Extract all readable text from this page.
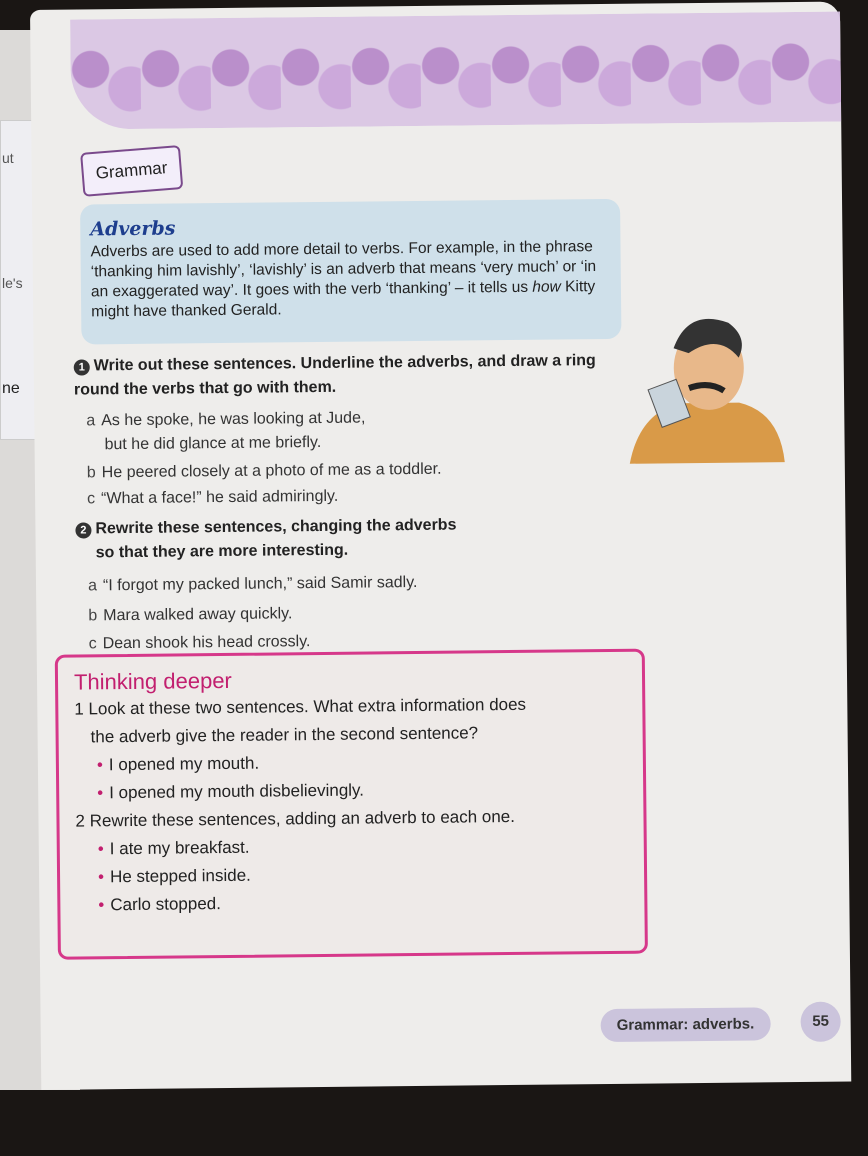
ut
le's
ne
Grammar
Adverbs

Adverbs are used to add more detail to verbs. For example, in the phrase ‘thanking him lavishly’, ‘lavishly’ is an adverb that means ‘very much’ or ‘in an exaggerated way’. It goes with the verb ‘thanking’ – it tells us how Kitty might have thanked Gerald.

1 Write out these sentences. Underline the adverbs, and draw a ring round the verbs that go with them.
a As he spoke, he was looking at Jude,
but he did glance at me briefly.
b He peered closely at a photo of me as a toddler.
c “What a face!” he said admiringly.
2 Rewrite these sentences, changing the adverbs
so that they are more interesting.
a “I forgot my packed lunch,” said Samir sadly.
b Mara walked away quickly.
c Dean shook his head crossly.
Thinking deeper
1 Look at these two sentences. What extra information does
the adverb give the reader in the second sentence?
• I opened my mouth.
• I opened my mouth disbelievingly.
2 Rewrite these sentences, adding an adverb to each one.
• I ate my breakfast.
• He stepped inside.
• Carlo stopped.
Grammar: adverbs.	55
